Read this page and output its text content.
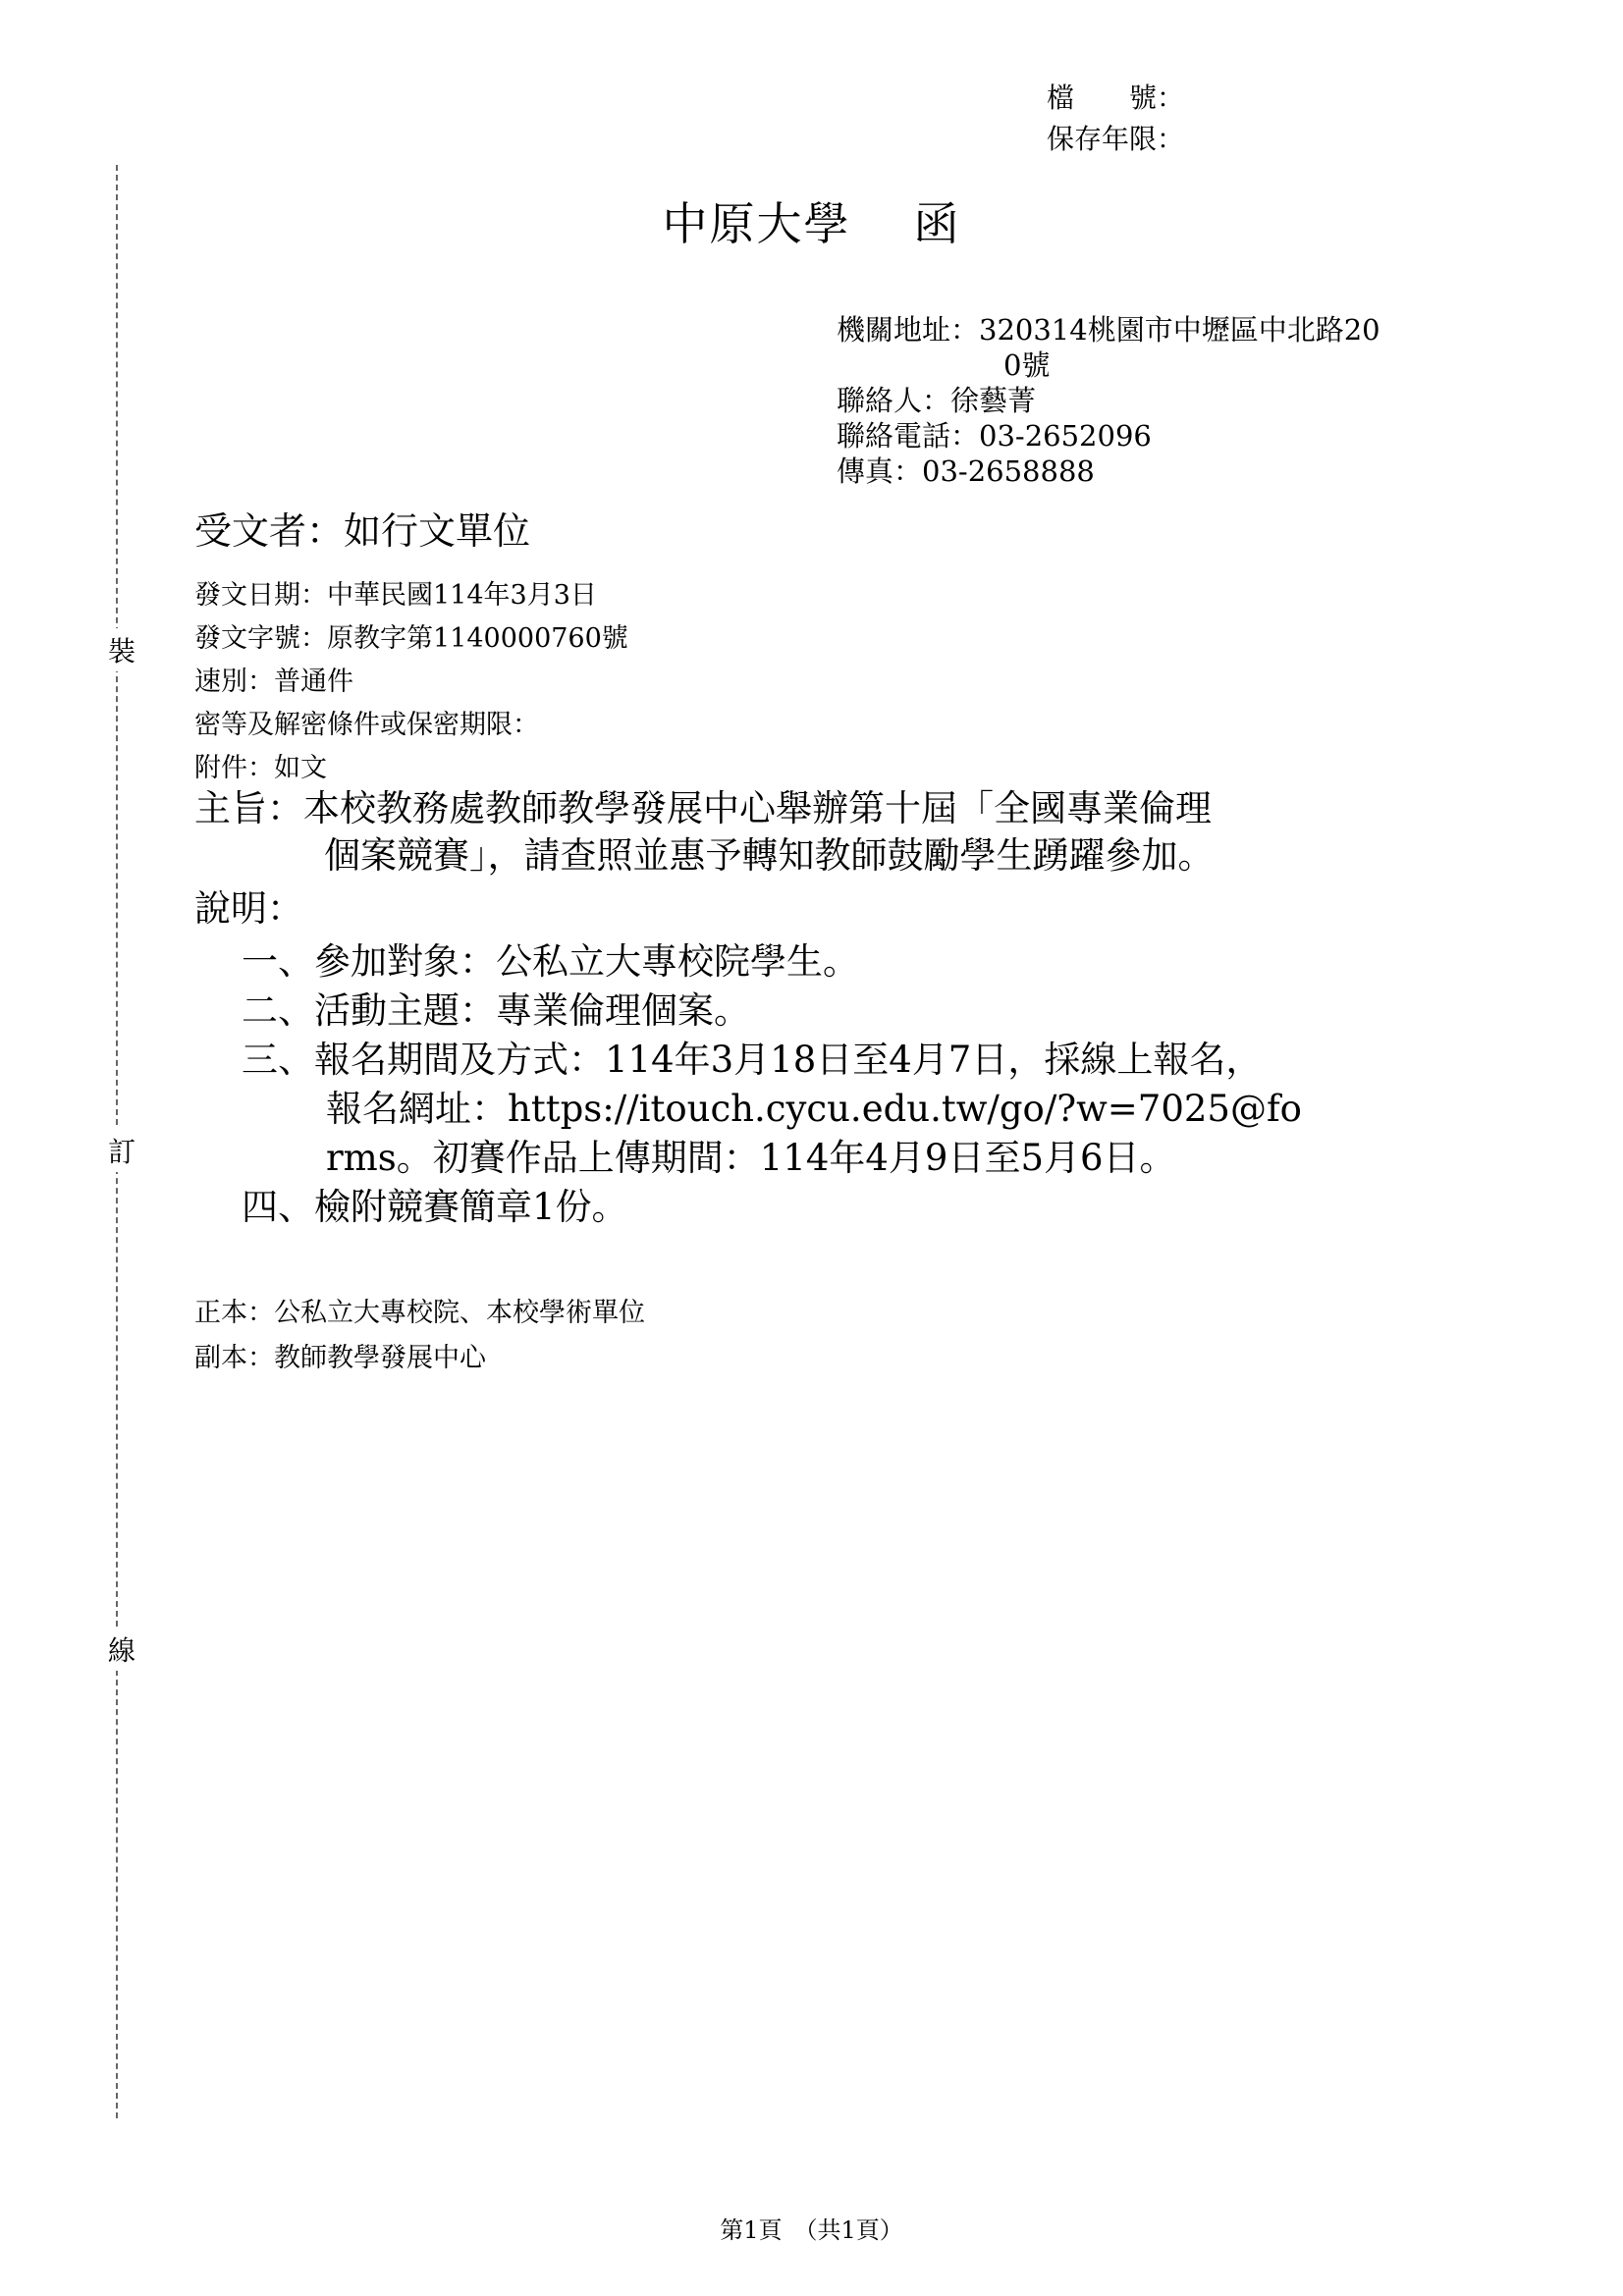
檔　　號：
保存年限：
中原大學 函
機關地址：320314桃園市中壢區中北路20
0號
聯絡人：徐藝菁
聯絡電話：03-2652096
傳真：03-2658888
裝
訂
線
受文者：如行文單位
發文日期：中華民國114年3月3日
發文字號：原教字第1140000760號
速別：普通件
密等及解密條件或保密期限：
附件：如文
主旨：本校教務處教師教學發展中心舉辦第十屆「全國專業倫理
個案競賽」，請查照並惠予轉知教師鼓勵學生踴躍參加。
說明：
一、參加對象：公私立大專校院學生。
二、活動主題：專業倫理個案。
三、報名期間及方式：114年3月18日至4月7日，採線上報名，
報名網址：https://itouch.cycu.edu.tw/go/?w=7025@fo
rms。初賽作品上傳期間：114年4月9日至5月6日。
四、檢附競賽簡章1份。
正本：公私立大專校院、本校學術單位
副本：教師教學發展中心
第1頁　（共1頁）
